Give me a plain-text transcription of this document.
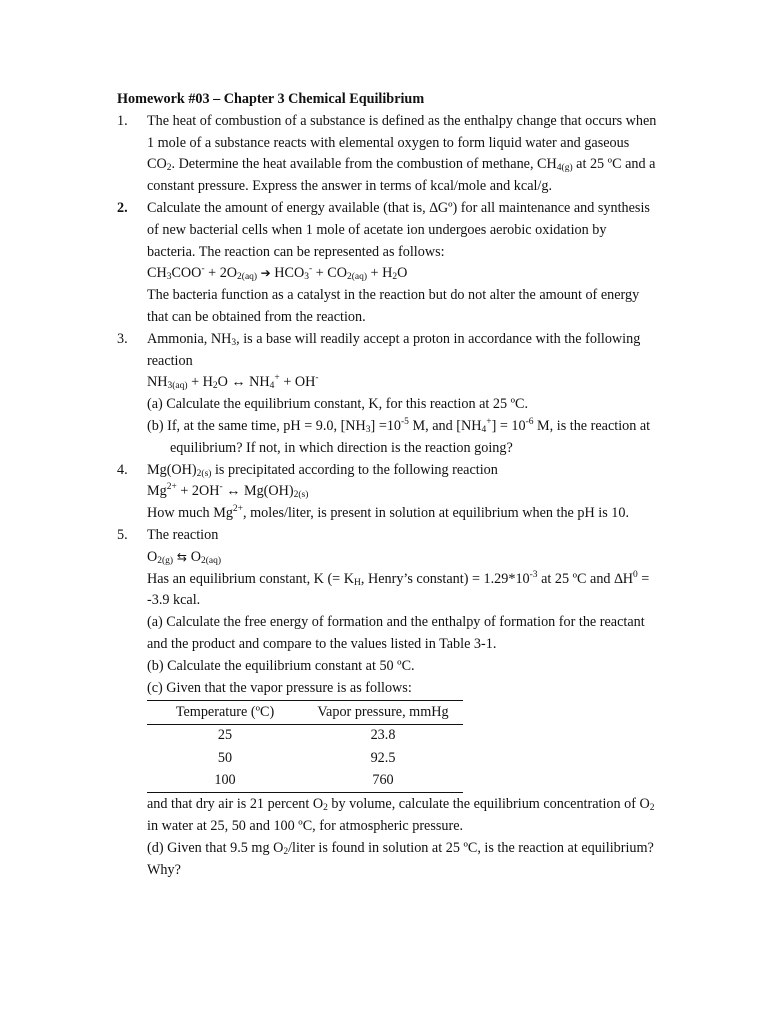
Homework #03 – Chapter 3 Chemical Equilibrium
1. The heat of combustion of a substance is defined as the enthalpy change that occurs when 1 mole of a substance reacts with elemental oxygen to form liquid water and gaseous $CO_2$. Determine the heat available from the combustion of methane, $CH_{4(g)}$ at 25 ºC and a constant pressure. Express the answer in terms of kcal/mole and kcal/g.
2. Calculate the amount of energy available (that is, ∆Gº) for all maintenance and synthesis of new bacterial cells when 1 mole of acetate ion undergoes aerobic oxidation by bacteria. The reaction can be represented as follows:
$CH_3COO^- + 2O_{2(aq)}$ ➔ $HCO_3^- + CO_{2(aq)} + H_2O$
The bacteria function as a catalyst in the reaction but do not alter the amount of energy that can be obtained from the reaction.
3. Ammonia, $NH_3$, is a base will readily accept a proton in accordance with the following reaction
$NH_{3(aq)} + H_2O$ ↔ $NH_4^+ + OH^-$
(a) Calculate the equilibrium constant, K, for this reaction at 25 ºC.
(b) If, at the same time, pH = 9.0, $[NH_3] =10^{-5}$ M, and $[NH_4^+] = 10^{-6}$ M, is the reaction at equilibrium? If not, in which direction is the reaction going?
4. $Mg(OH)_{2(s)}$ is precipitated according to the following reaction
$Mg^{2+} + 2OH^-$ ↔ $Mg(OH)_{2(s)}$
How much $Mg^{2+}$, moles/liter, is present in solution at equilibrium when the pH is 10.
5. The reaction
$O_{2(g)}$ ⇆ $O_{2(aq)}$
Has an equilibrium constant, K (= $K_H$, Henry’s constant) = $1.29*10^{-3}$ at 25 ºC and $\Delta H^0 = -3.9$ kcal.
(a) Calculate the free energy of formation and the enthalpy of formation for the reactant and the product and compare to the values listed in Table 3-1.
(b) Calculate the equilibrium constant at 50 ºC.
(c) Given that the vapor pressure is as follows:
Temperature (ºC)	Vapor pressure, mmHg
25	23.8
50	92.5
100	760
and that dry air is 21 percent $O_2$ by volume, calculate the equilibrium concentration of $O_2$ in water at 25, 50 and 100 ºC, for atmospheric pressure.
(d) Given that 9.5 mg $O_2$/liter is found in solution at 25 ºC, is the reaction at equilibrium? Why?
